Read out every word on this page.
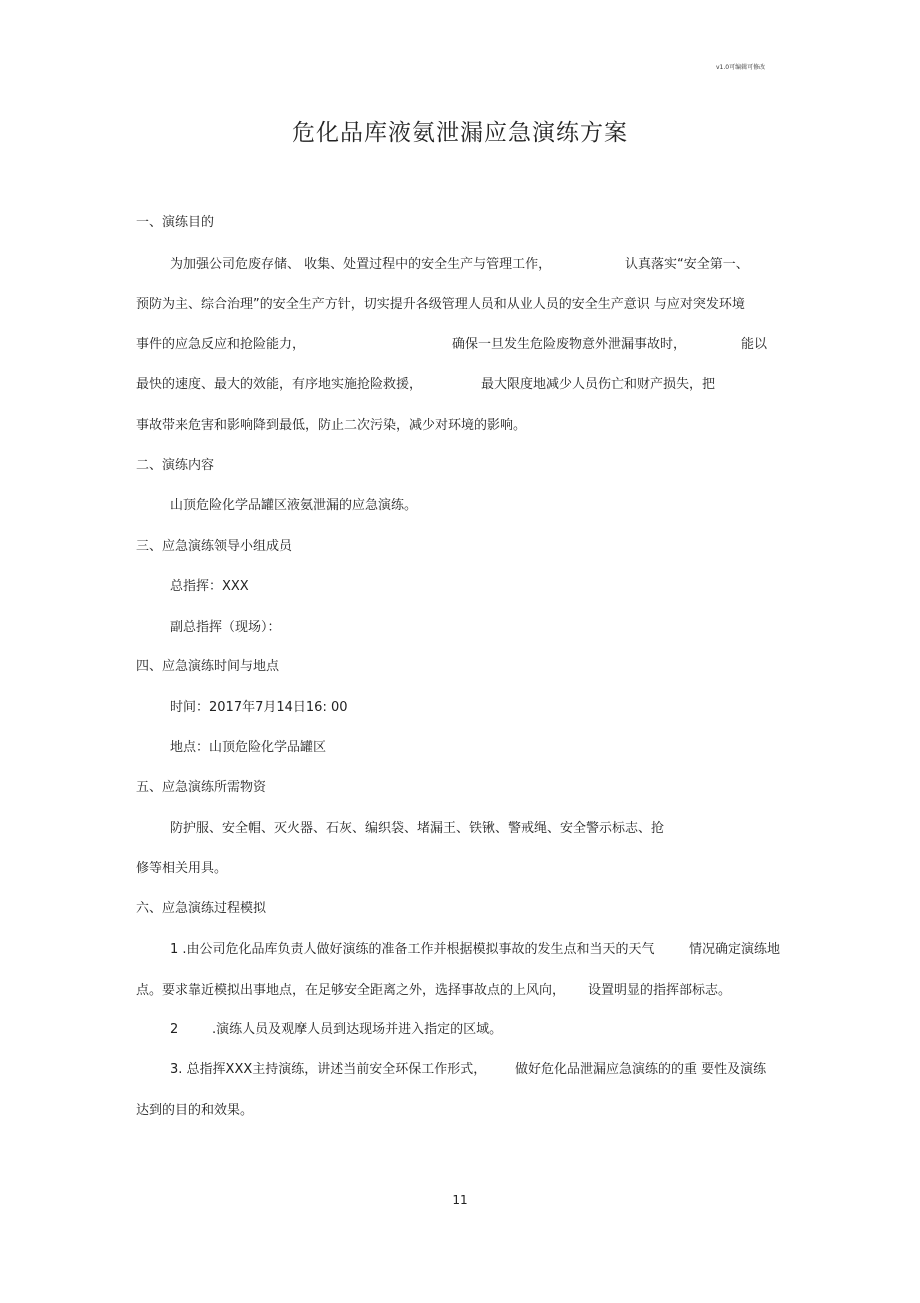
v1.0可编辑可修改
危化品库液氨泄漏应急演练方案
一、演练目的
为加强公司危废存储、 收集、处置过程中的安全生产与管理工作，	认真落实“安全第一、
预防为主、综合治理”的安全生产方针，切实提升各级管理人员和从业人员的安全生产意识 与应对突发环境
事件的应急反应和抢险能力，	确保一旦发生危险废物意外泄漏事故时，	能以
最快的速度、最大的效能，有序地实施抢险救援，	最大限度地减少人员伤亡和财产损失，把
事故带来危害和影响降到最低，防止二次污染，减少对环境的影响。
二、演练内容
山顶危险化学品罐区液氨泄漏的应急演练。
三、应急演练领导小组成员
总指挥：XXX
副总指挥（现场）：
四、应急演练时间与地点
时间：2017年7月14日16: 00
地点：山顶危险化学品罐区
五、应急演练所需物资
防护服、安全帽、灭火器、石灰、编织袋、堵漏王、铁锹、警戒绳、安全警示标志、抢
修等相关用具。
六、应急演练过程模拟
1 .由公司危化品库负责人做好演练的准备工作并根据模拟事故的发生点和当天的天气	情况确定演练地
点。要求靠近模拟出事地点，在足够安全距离之外，选择事故点的上风向， 设置明显的指挥部标志。
2	.演练人员及观摩人员到达现场并进入指定的区域。
3. 总指挥XXX主持演练，讲述当前安全环保工作形式， 做好危化品泄漏应急演练的的重 要性及演练
达到的目的和效果。
11
